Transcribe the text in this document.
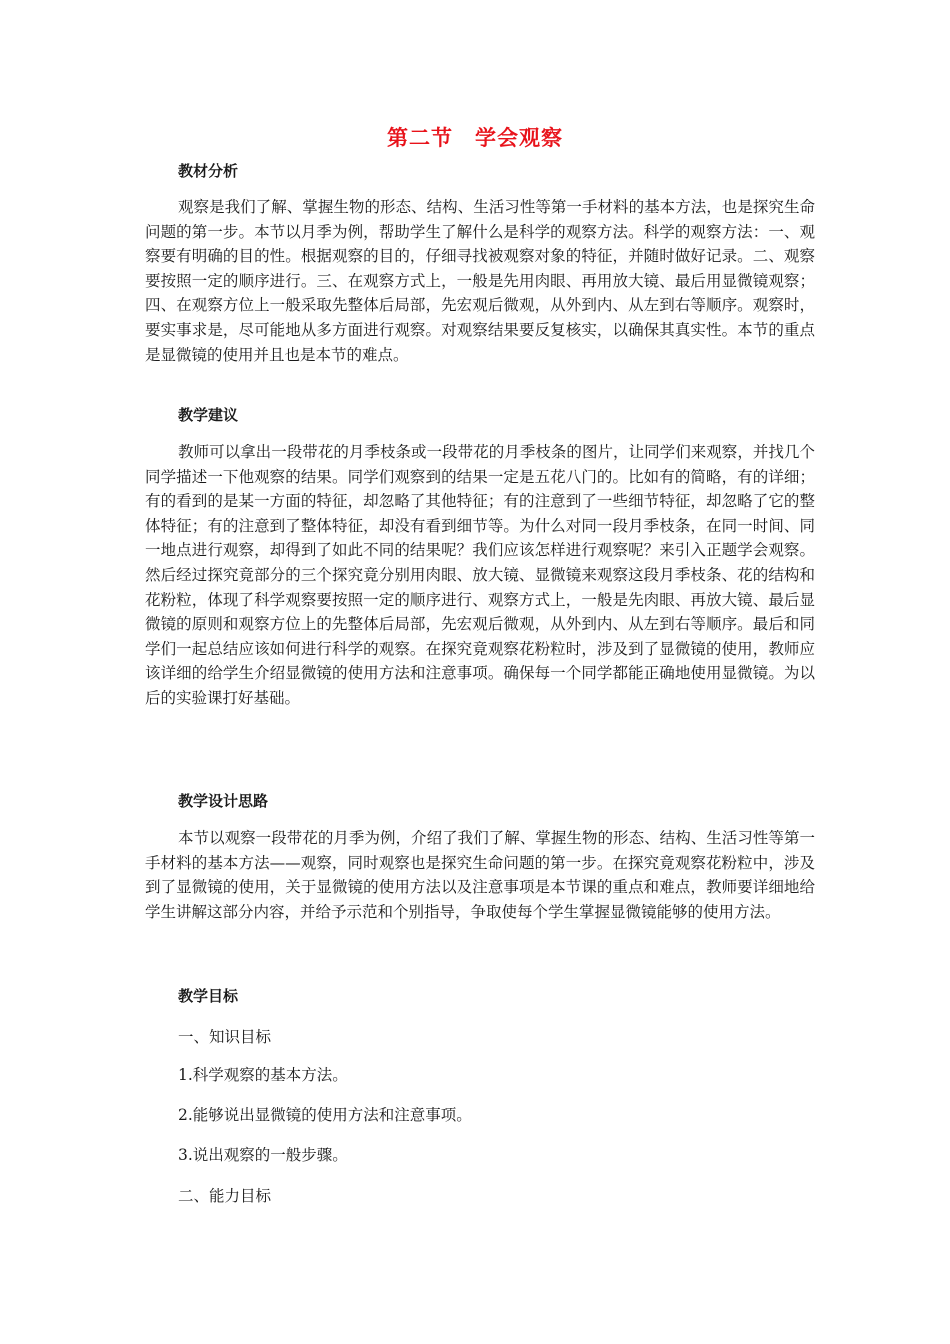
第二节　学会观察
教材分析
观察是我们了解、掌握生物的形态、结构、生活习性等第一手材料的基本方法，也是探究生命问题的第一步。本节以月季为例，帮助学生了解什么是科学的观察方法。科学的观察方法：一、观察要有明确的目的性。根据观察的目的，仔细寻找被观察对象的特征，并随时做好记录。二、观察要按照一定的顺序进行。三、在观察方式上，一般是先用肉眼、再用放大镜、最后用显微镜观察；四、在观察方位上一般采取先整体后局部，先宏观后微观，从外到内、从左到右等顺序。观察时，要实事求是，尽可能地从多方面进行观察。对观察结果要反复核实，以确保其真实性。本节的重点是显微镜的使用并且也是本节的难点。
教学建议
教师可以拿出一段带花的月季枝条或一段带花的月季枝条的图片，让同学们来观察，并找几个同学描述一下他观察的结果。同学们观察到的结果一定是五花八门的。比如有的简略，有的详细；有的看到的是某一方面的特征，却忽略了其他特征；有的注意到了一些细节特征，却忽略了它的整体特征；有的注意到了整体特征，却没有看到细节等。为什么对同一段月季枝条，在同一时间、同一地点进行观察，却得到了如此不同的结果呢？我们应该怎样进行观察呢？来引入正题学会观察。然后经过探究竟部分的三个探究竟分别用肉眼、放大镜、显微镜来观察这段月季枝条、花的结构和花粉粒，体现了科学观察要按照一定的顺序进行、观察方式上，一般是先肉眼、再放大镜、最后显微镜的原则和观察方位上的先整体后局部，先宏观后微观，从外到内、从左到右等顺序。最后和同学们一起总结应该如何进行科学的观察。在探究竟观察花粉粒时，涉及到了显微镜的使用，教师应该详细的给学生介绍显微镜的使用方法和注意事项。确保每一个同学都能正确地使用显微镜。为以后的实验课打好基础。
教学设计思路
本节以观察一段带花的月季为例，介绍了我们了解、掌握生物的形态、结构、生活习性等第一手材料的基本方法——观察，同时观察也是探究生命问题的第一步。在探究竟观察花粉粒中，涉及到了显微镜的使用，关于显微镜的使用方法以及注意事项是本节课的重点和难点，教师要详细地给学生讲解这部分内容，并给予示范和个别指导，争取使每个学生掌握显微镜能够的使用方法。
教学目标
一、知识目标
1.科学观察的基本方法。
2.能够说出显微镜的使用方法和注意事项。
3.说出观察的一般步骤。
二、能力目标
